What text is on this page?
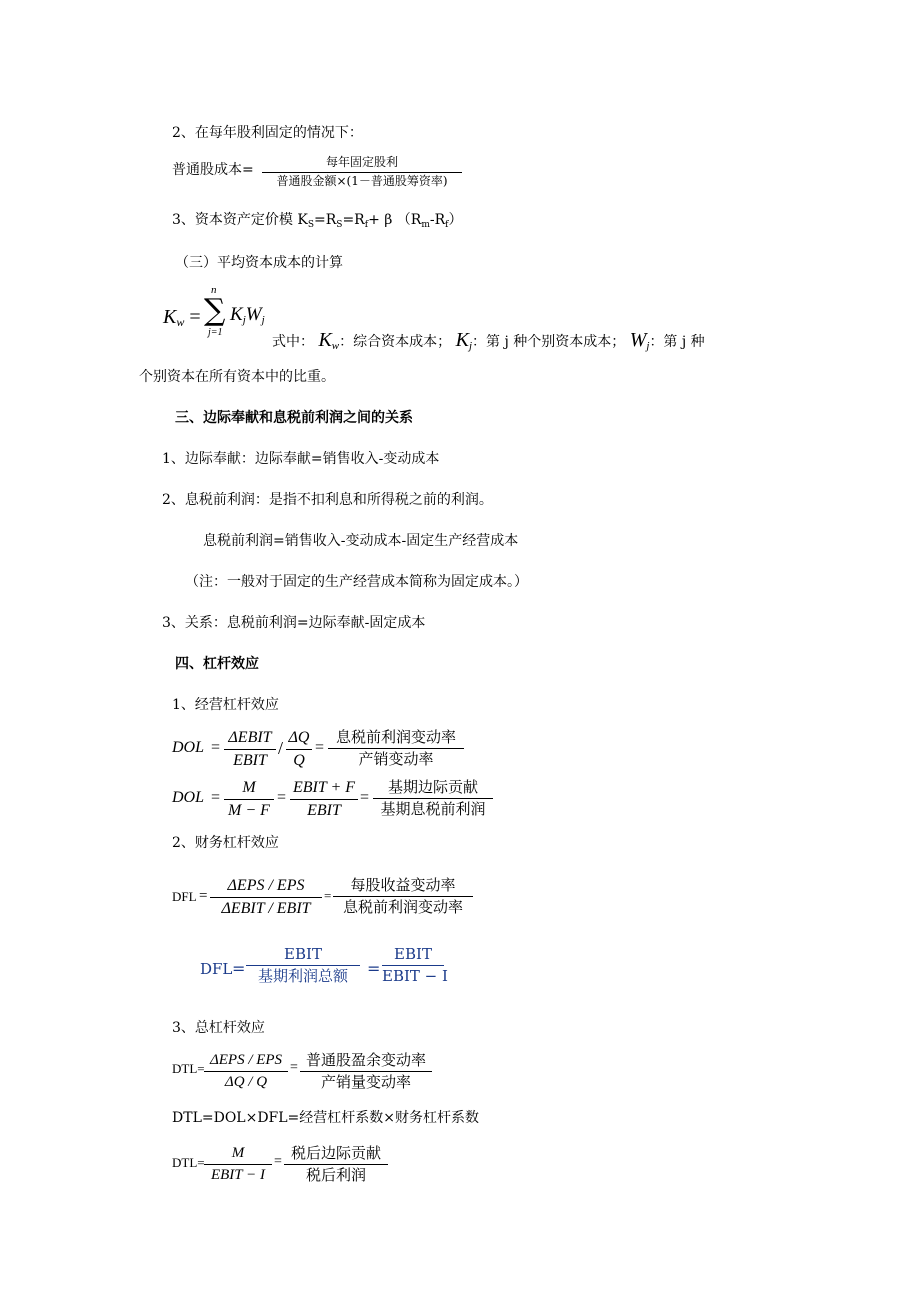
2、在每年股利固定的情况下：
普通股成本=	每年固定股利
普通股金额×(1－普通股筹资率)
3、资本资产定价模 $K_S=R_S=R_f+ \beta$ $(R_m-R_f)$
（三）平均资本成本的计算
$K_w$ =
n
∑
j=1
$K_jW_j$
式中： $K_w$：综合资本成本； $K_j$：第 j 种个别资本成本； $W_j$：第 j 种
个别资本在所有资本中的比重。
三、边际奉献和息税前利润之间的关系
1、边际奉献：边际奉献=销售收入-变动成本
2、息税前利润：是指不扣利息和所得税之前的利润。
息税前利润=销售收入-变动成本-固定生产经营成本
（注：一般对于固定的生产经营成本简称为固定成本。）
3、关系：息税前利润=边际奉献-固定成本
四、杠杆效应
1、经营杠杆效应
DOL =
ΔEBIT
EBIT
/
ΔQ
Q
=
息税前利润变动率
产销变动率
DOL =
M
M − F
=
EBIT + F
EBIT
=
基期边际贡献
基期息税前利润
2、财务杠杆效应
DFL =
ΔEPS / EPS
ΔEBIT / EBIT
=
每股收益变动率
息税前利润变动率
DFL =
EBIT
基期利润总额	=
EBIT
EBIT − I
3、总杠杆效应
DTL=
ΔEPS / EPS
ΔQ / Q
= 普通股盈余变动率
产销量变动率
DTL=DOL×DFL=经营杠杆系数×财务杠杆系数
DTL=
M
EBIT − I
= 税后边际贡献
税后利润
